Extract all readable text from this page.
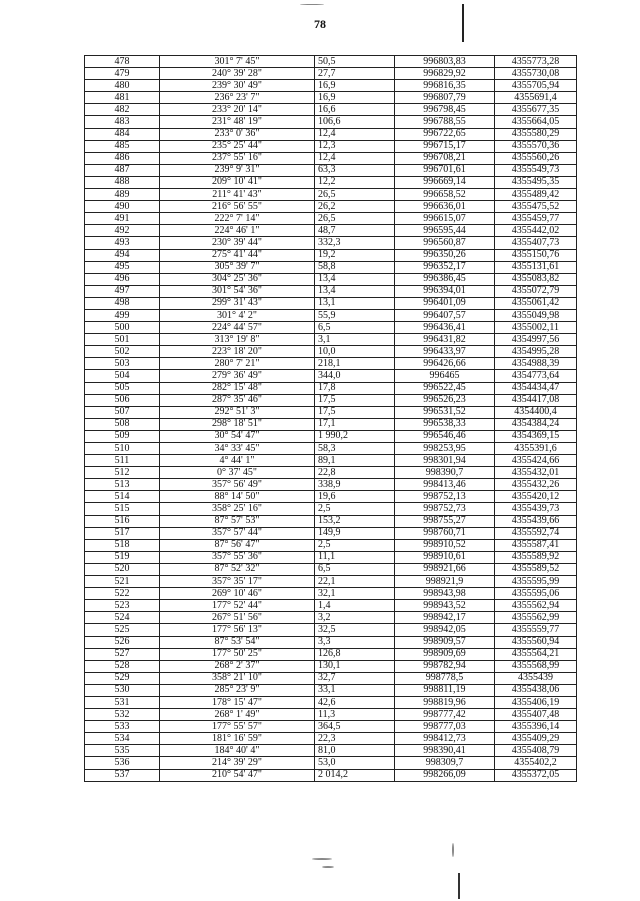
78
478	301° 7' 45"	50,5	996803,83	4355773,28
479	240° 39' 28"	27,7	996829,92	4355730,08
480	239° 30' 49"	16,9	996816,35	4355705,94
481	236° 23' 7"	16,9	996807,79	4355691,4
482	233° 20' 14"	16,6	996798,45	4355677,35
483	231° 48' 19"	106,6	996788,55	4355664,05
484	233° 0' 36"	12,4	996722,65	4355580,29
485	235° 25' 44"	12,3	996715,17	4355570,36
486	237° 55' 16"	12,4	996708,21	4355560,26
487	239° 9' 31"	63,3	996701,61	4355549,73
488	209° 10' 41"	12,2	996669,14	4355495,35
489	211° 41' 43"	26,5	996658,52	4355489,42
490	216° 56' 55"	26,2	996636,01	4355475,52
491	222° 7' 14"	26,5	996615,07	4355459,77
492	224° 46' 1"	48,7	996595,44	4355442,02
493	230° 39' 44"	332,3	996560,87	4355407,73
494	275° 41' 44"	19,2	996350,26	4355150,76
495	305° 39' 7"	58,8	996352,17	4355131,61
496	304° 25' 36"	13,4	996386,45	4355083,82
497	301° 54' 36"	13,4	996394,01	4355072,79
498	299° 31' 43"	13,1	996401,09	4355061,42
499	301° 4' 2"	55,9	996407,57	4355049,98
500	224° 44' 57"	6,5	996436,41	4355002,11
501	313° 19' 8"	3,1	996431,82	4354997,56
502	223° 18' 20"	10,0	996433,97	4354995,28
503	280° 7' 21"	218,1	996426,66	4354988,39
504	279° 36' 49"	344,0	996465	4354773,64
505	282° 15' 48"	17,8	996522,45	4354434,47
506	287° 35' 46"	17,5	996526,23	4354417,08
507	292° 51' 3"	17,5	996531,52	4354400,4
508	298° 18' 51"	17,1	996538,33	4354384,24
509	30° 54' 47"	1 990,2	996546,46	4354369,15
510	34° 33' 45"	58,3	998253,95	4355391,6
511	4° 44' 1"	89,1	998301,94	4355424,66
512	0° 37' 45"	22,8	998390,7	4355432,01
513	357° 56' 49"	338,9	998413,46	4355432,26
514	88° 14' 50"	19,6	998752,13	4355420,12
515	358° 25' 16"	2,5	998752,73	4355439,73
516	87° 57' 53"	153,2	998755,27	4355439,66
517	357° 57' 44"	149,9	998760,71	4355592,74
518	87° 56' 47"	2,5	998910,52	4355587,41
519	357° 55' 36"	11,1	998910,61	4355589,92
520	87° 52' 32"	6,5	998921,66	4355589,52
521	357° 35' 17"	22,1	998921,9	4355595,99
522	269° 10' 46"	32,1	998943,98	4355595,06
523	177° 52' 44"	1,4	998943,52	4355562,94
524	267° 51' 56"	3,2	998942,17	4355562,99
525	177° 56' 13"	32,5	998942,05	4355559,77
526	87° 53' 54"	3,3	998909,57	4355560,94
527	177° 50' 25"	126,8	998909,69	4355564,21
528	268° 2' 37"	130,1	998782,94	4355568,99
529	358° 21' 10"	32,7	998778,5	4355439
530	285° 23' 9"	33,1	998811,19	4355438,06
531	178° 15' 47"	42,6	998819,96	4355406,19
532	268° 1' 49"	11,3	998777,42	4355407,48
533	177° 55' 57"	364,5	998777,03	4355396,14
534	181° 16' 59"	22,3	998412,73	4355409,29
535	184° 40' 4"	81,0	998390,41	4355408,79
536	214° 39' 29"	53,0	998309,7	4355402,2
537	210° 54' 47"	2 014,2	998266,09	4355372,05
